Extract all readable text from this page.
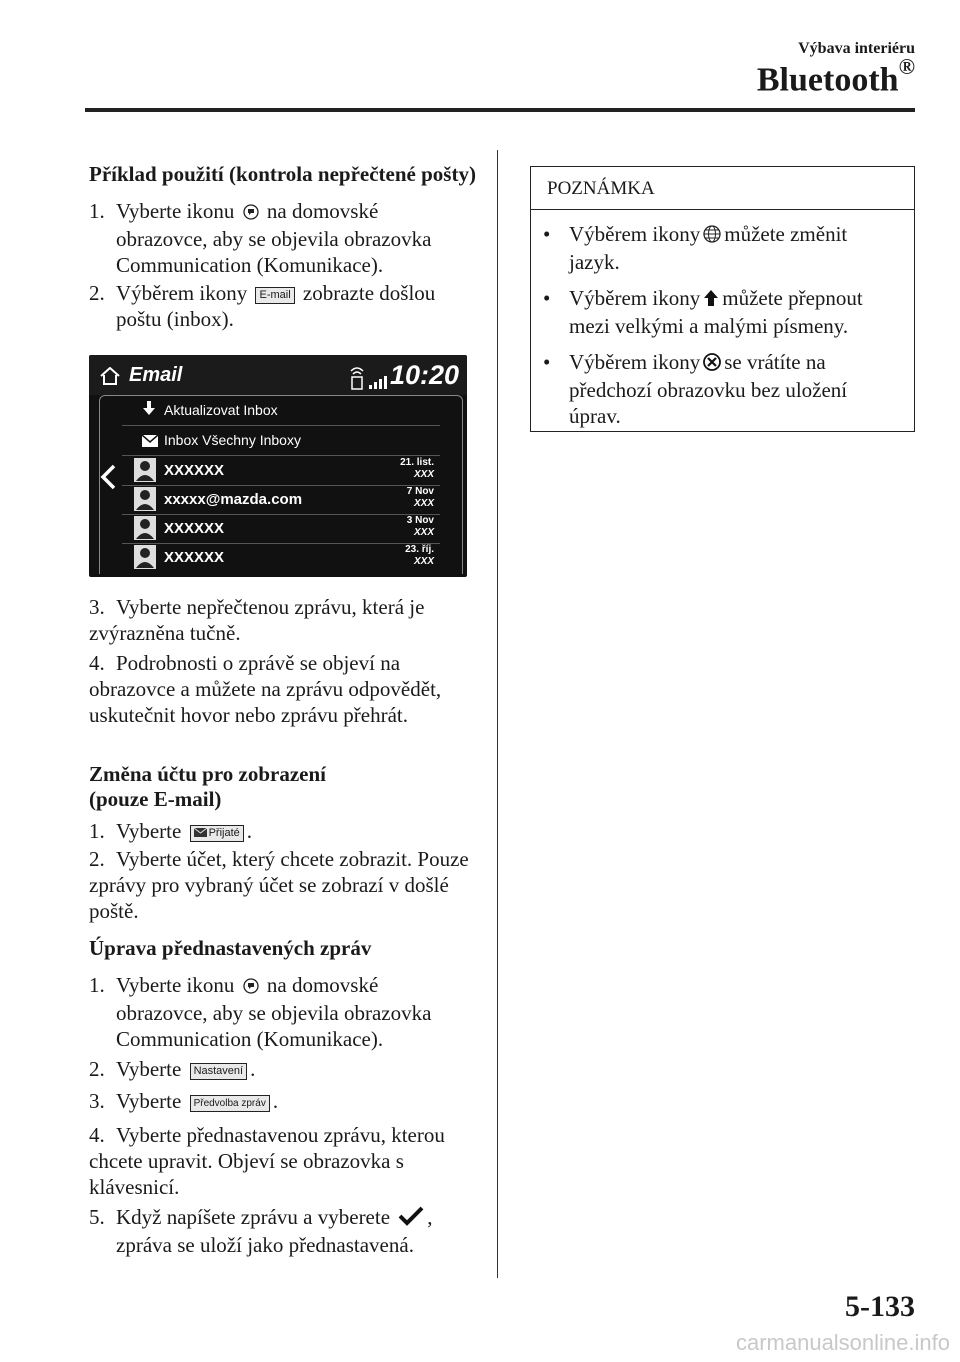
Výbava interiéru
Bluetooth®
Příklad použití (kontrola nepřečtené pošty)
1. Vyberte ikonu na domovské
obrazovce, aby se objevila obrazovka Communication (Komunikace).
2. Výběrem ikony E-mail zobrazte došlou
poštu (inbox).
Email	10:20
Aktualizovat Inbox
Inbox Všechny Inboxy
XXXXXX	21. list.
XXX
xxxxx@mazda.com	7 Nov
XXX
XXXXXX	3 Nov
XXX
XXXXXX	23. říj.
XXX
3. Vyberte nepřečtenou zprávu, která je zvýrazněna tučně.
4. Podrobnosti o zprávě se objeví na obrazovce a můžete na zprávu odpovědět, uskutečnit hovor nebo zprávu přehrát.
Změna účtu pro zobrazení
(pouze E-mail)
1. Vyberte Přijaté .
2. Vyberte účet, který chcete zobrazit. Pouze zprávy pro vybraný účet se zobrazí v došlé poště.
Úprava přednastavených zpráv
1. Vyberte ikonu na domovské
obrazovce, aby se objevila obrazovka Communication (Komunikace).
2. Vyberte Nastavení .
3. Vyberte Předvolba zpráv .
4. Vyberte přednastavenou zprávu, kterou chcete upravit. Objeví se obrazovka s klávesnicí.
5. Když napíšete zprávu a vyberete ,
zpráva se uloží jako přednastavená.
POZNÁMKA
• Výběrem ikony můžete změnit jazyk.
• Výběrem ikony můžete přepnout mezi velkými a malými písmeny.
• Výběrem ikony se vrátíte na předchozí obrazovku bez uložení úprav.
5-133
carmanualsonline.info
